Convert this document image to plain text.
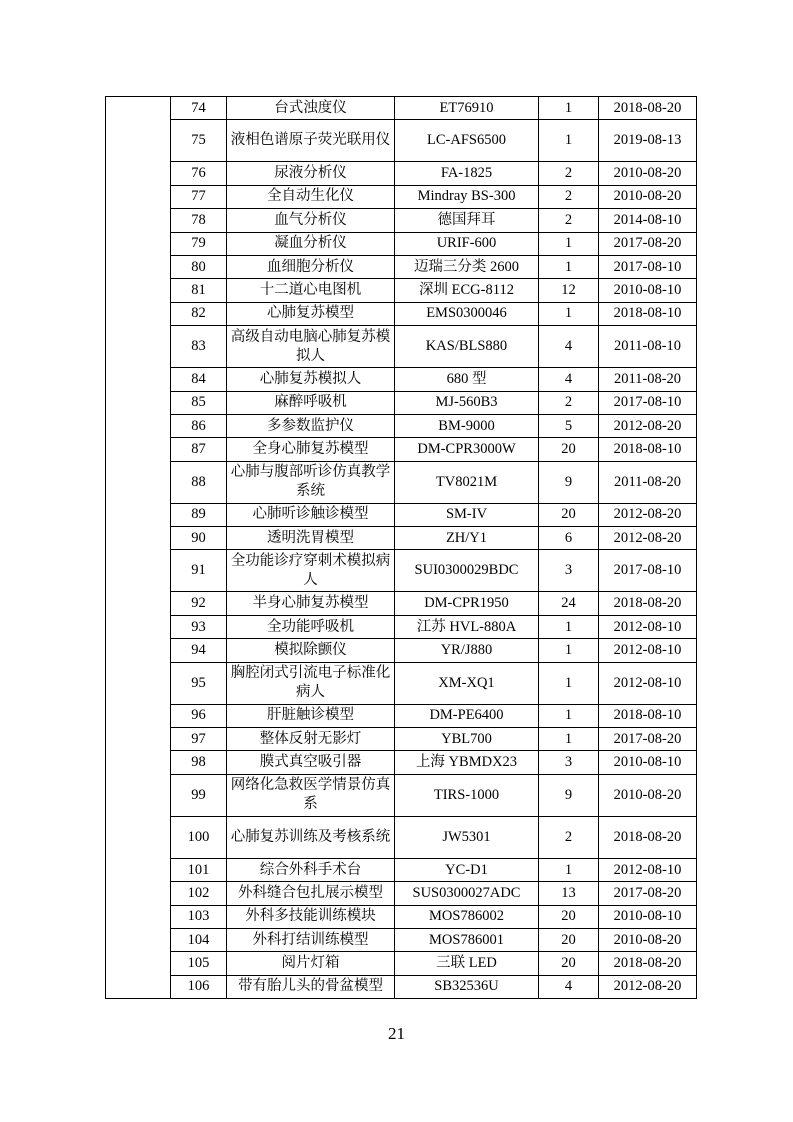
	74	台式浊度仪	ET76910	1	2018-08-20
	75	液相色谱原子荧光联用仪	LC-AFS6500	1	2019-08-13
	76	尿液分析仪	FA-1825	2	2010-08-20
	77	全自动生化仪	Mindray BS-300	2	2010-08-20
	78	血气分析仪	德国拜耳	2	2014-08-10
	79	凝血分析仪	URIF-600	1	2017-08-20
	80	血细胞分析仪	迈瑞三分类 2600	1	2017-08-10
	81	十二道心电图机	深圳 ECG-8112	12	2010-08-10
	82	心肺复苏模型	EMS0300046	1	2018-08-10
	83	高级自动电脑心肺复苏模拟人	KAS/BLS880	4	2011-08-10
	84	心肺复苏模拟人	680 型	4	2011-08-20
	85	麻醉呼吸机	MJ-560B3	2	2017-08-10
	86	多参数监护仪	BM-9000	5	2012-08-20
	87	全身心肺复苏模型	DM-CPR3000W	20	2018-08-10
	88	心肺与腹部听诊仿真教学系统	TV8021M	9	2011-08-20
	89	心肺听诊触诊模型	SM-IV	20	2012-08-20
	90	透明洗胃模型	ZH/Y1	6	2012-08-20
	91	全功能诊疗穿刺术模拟病人	SUI0300029BDC	3	2017-08-10
	92	半身心肺复苏模型	DM-CPR1950	24	2018-08-20
	93	全功能呼吸机	江苏 HVL-880A	1	2012-08-10
	94	模拟除颤仪	YR/J880	1	2012-08-10
	95	胸腔闭式引流电子标准化病人	XM-XQ1	1	2012-08-10
	96	肝脏触诊模型	DM-PE6400	1	2018-08-10
	97	整体反射无影灯	YBL700	1	2017-08-20
	98	膜式真空吸引器	上海 YBMDX23	3	2010-08-10
	99	网络化急救医学情景仿真系	TIRS-1000	9	2010-08-20
	100	心肺复苏训练及考核系统	JW5301	2	2018-08-20
	101	综合外科手术台	YC-D1	1	2012-08-10
	102	外科缝合包扎展示模型	SUS0300027ADC	13	2017-08-20
	103	外科多技能训练模块	MOS786002	20	2010-08-10
	104	外科打结训练模型	MOS786001	20	2010-08-20
	105	阅片灯箱	三联 LED	20	2018-08-20
	106	带有胎儿头的骨盆模型	SB32536U	4	2012-08-20
21
